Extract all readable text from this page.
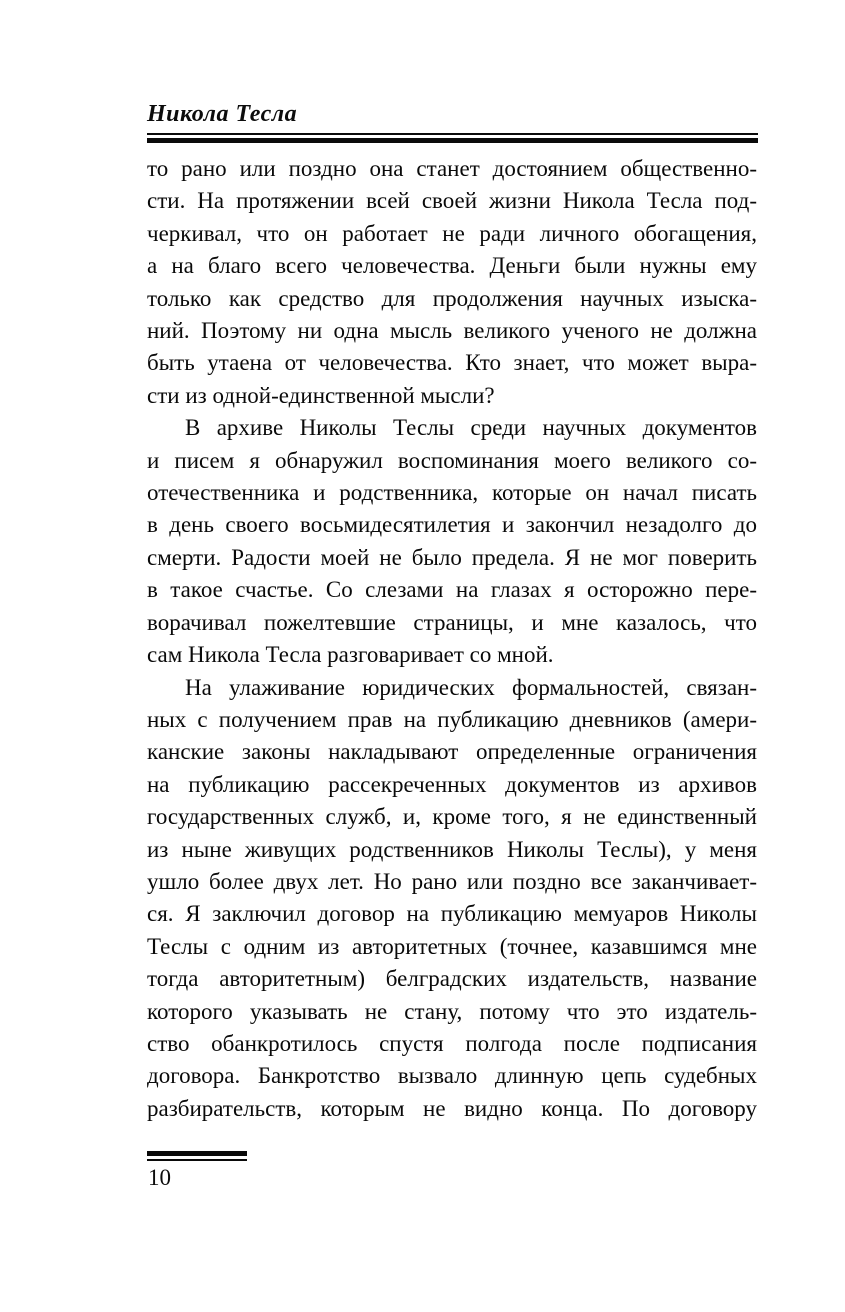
Никола Тесла
то рано или поздно она станет достоянием общественно-
сти. На протяжении всей своей жизни Никола Тесла под-
черкивал, что он работает не ради личного обогащения,
а на благо всего человечества. Деньги были нужны ему
только как средство для продолжения научных изыска-
ний. Поэтому ни одна мысль великого ученого не должна
быть утаена от человечества. Кто знает, что может выра-
сти из одной-единственной мысли?
В архиве Николы Теслы среди научных документов
и писем я обнаружил воспоминания моего великого со-
отечественника и родственника, которые он начал писать
в день своего восьмидесятилетия и закончил незадолго до
смерти. Радости моей не было предела. Я не мог поверить
в такое счастье. Со слезами на глазах я осторожно пере-
ворачивал пожелтевшие страницы, и мне казалось, что
сам Никола Тесла разговаривает со мной.
На улаживание юридических формальностей, связан-
ных с получением прав на публикацию дневников (амери-
канские законы накладывают определенные ограничения
на публикацию рассекреченных документов из архивов
государственных служб, и, кроме того, я не единственный
из ныне живущих родственников Николы Теслы), у меня
ушло более двух лет. Но рано или поздно все заканчивает-
ся. Я заключил договор на публикацию мемуаров Николы
Теслы с одним из авторитетных (точнее, казавшимся мне
тогда авторитетным) белградских издательств, название
которого указывать не стану, потому что это издатель-
ство обанкротилось спустя полгода после подписания
договора. Банкротство вызвало длинную цепь судебных
разбирательств, которым не видно конца. По договору
10
